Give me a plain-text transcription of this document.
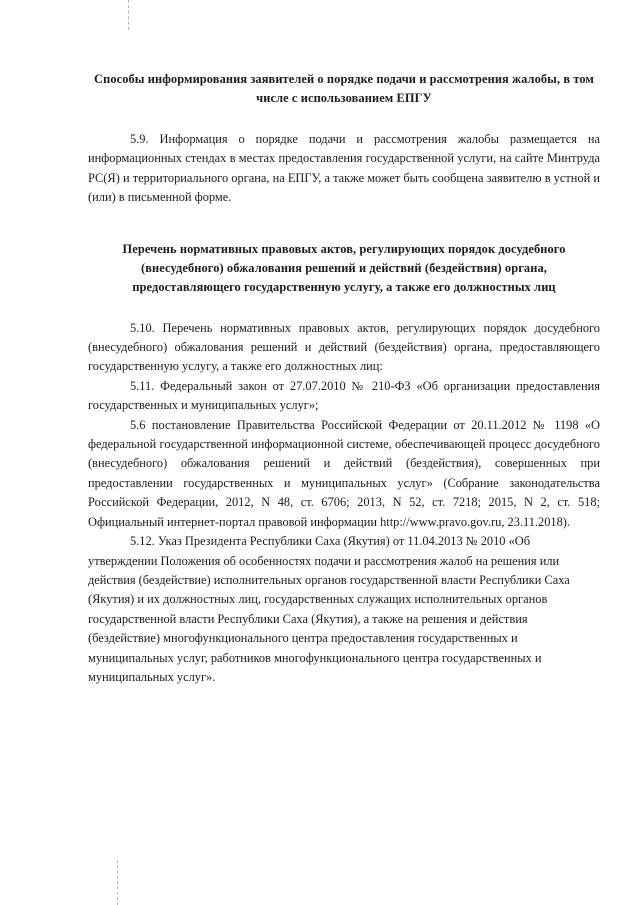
Способы информирования заявителей о порядке подачи и рассмотрения жалобы, в том числе с использованием ЕПГУ

5.9. Информация о порядке подачи и рассмотрения жалобы размещается на информационных стендах в местах предоставления государственной услуги, на сайте Минтруда РС(Я) и территориального органа, на ЕПГУ, а также может быть сообщена заявителю в устной и (или) в письменной форме.

Перечень нормативных правовых актов, регулирующих порядок досудебного (внесудебного) обжалования решений и действий (бездействия) органа, предоставляющего государственную услугу, а также его должностных лиц

5.10. Перечень нормативных правовых актов, регулирующих порядок досудебного (внесудебного) обжалования решений и действий (бездействия) органа, предоставляющего государственную услугу, а также его должностных лиц:

5.11. Федеральный закон от 27.07.2010 № 210-ФЗ «Об организации предоставления государственных и муниципальных услуг»;

5.6 постановление Правительства Российской Федерации от 20.11.2012 № 1198 «О федеральной государственной информационной системе, обеспечивающей процесс досудебного (внесудебного) обжалования решений и действий (бездействия), совершенных при предоставлении государственных и муниципальных услуг» (Собрание законодательства Российской Федерации, 2012, N 48, ст. 6706; 2013, N 52, ст. 7218; 2015, N 2, ст. 518; Официальный интернет-портал правовой информации http://www.pravo.gov.ru, 23.11.2018).

5.12. Указ Президента Республики Саха (Якутия) от 11.04.2013 № 2010 «Об утверждении Положения об особенностях подачи и рассмотрения жалоб на решения или действия (бездействие) исполнительных органов государственной власти Республики Саха (Якутия) и их должностных лиц, государственных служащих исполнительных органов государственной власти Республики Саха (Якутия), а также на решения и действия (бездействие) многофункционального центра предоставления государственных и муниципальных услуг, работников многофункционального центра государственных и муниципальных услуг».
